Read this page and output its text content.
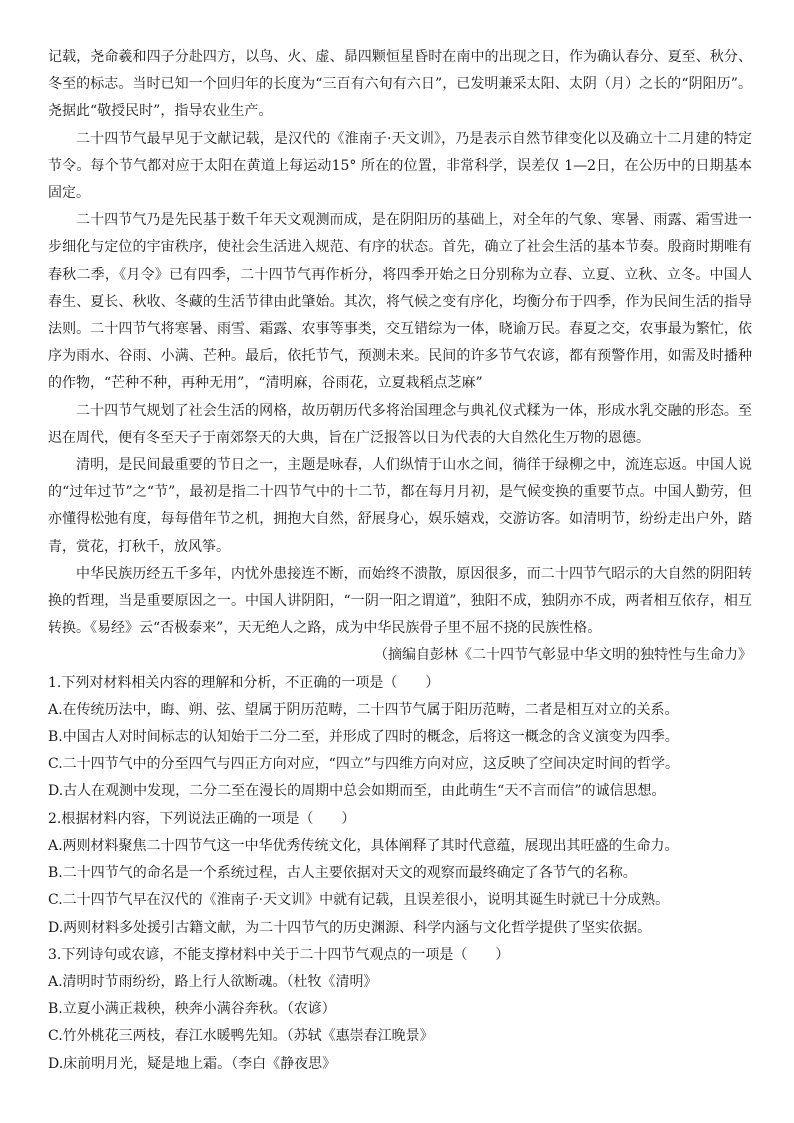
记载，尧命羲和四子分赴四方，以鸟、火、虚、昴四颗恒星昏时在南中的出现之日，作为确认春分、夏至、秋分、冬至的标志。当时已知一个回归年的长度为“三百有六旬有六日”，已发明兼采太阳、太阴（月）之长的“阴阳历”。尧据此“敬授民时”，指导农业生产。

二十四节气最早见于文献记载，是汉代的《淮南子·天文训》，乃是表示自然节律变化以及确立十二月建的特定节令。每个节气都对应于太阳在黄道上每运动15° 所在的位置，非常科学，误差仅 1—2日，在公历中的日期基本固定。

二十四节气乃是先民基于数千年天文观测而成，是在阴阳历的基础上，对全年的气象、寒暑、雨露、霜雪进一步细化与定位的宇宙秩序，使社会生活进入规范、有序的状态。首先，确立了社会生活的基本节奏。殷商时期唯有春秋二季，《月令》已有四季，二十四节气再作析分，将四季开始之日分别称为立春、立夏、立秋、立冬。中国人春生、夏长、秋收、冬藏的生活节律由此肇始。其次，将气候之变有序化，均衡分布于四季，作为民间生活的指导法则。二十四节气将寒暑、雨雪、霜露、农事等事类，交互错综为一体，晓谕万民。春夏之交，农事最为繁忙，依序为雨水、谷雨、小满、芒种。最后，依托节气，预测未来。民间的许多节气农谚，都有预警作用，如需及时播种的作物，“芒种不种，再种无用”，“清明麻，谷雨花，立夏栽稻点芝麻”

二十四节气规划了社会生活的网格，故历朝历代多将治国理念与典礼仪式糅为一体，形成水乳交融的形态。至迟在周代，便有冬至天子于南郊祭天的大典，旨在广泛报答以日为代表的大自然化生万物的恩德。

清明，是民间最重要的节日之一，主题是咏春，人们纵情于山水之间，徜徉于绿柳之中，流连忘返。中国人说的“过年过节”之“节”，最初是指二十四节气中的十二节，都在每月月初，是气候变换的重要节点。中国人勤劳，但亦懂得松弛有度，每每借年节之机，拥抱大自然，舒展身心，娱乐嬉戏，交游访客。如清明节，纷纷走出户外，踏青，赏花，打秋千，放风筝。

中华民族历经五千多年，内忧外患接连不断，而始终不溃散，原因很多，而二十四节气昭示的大自然的阴阳转换的哲理，当是重要原因之一。中国人讲阴阳，“一阴一阳之谓道”，独阳不成，独阴亦不成，两者相互依存，相互转换。《易经》云“否极泰来”，天无绝人之路，成为中华民族骨子里不屈不挠的民族性格。

（摘编自彭林《二十四节气彰显中华文明的独特性与生命力》

1.下列对材料相关内容的理解和分析，不正确的一项是（　　）

A.在传统历法中，晦、朔、弦、望属于阴历范畴，二十四节气属于阳历范畴，二者是相互对立的关系。

B.中国古人对时间标志的认知始于二分二至，并形成了四时的概念，后将这一概念的含义演变为四季。

C.二十四节气中的分至四气与四正方向对应，“四立”与四维方向对应，这反映了空间决定时间的哲学。

D.古人在观测中发现，二分二至在漫长的周期中总会如期而至，由此萌生“天不言而信”的诚信思想。

2.根据材料内容，下列说法正确的一项是（　　）

A.两则材料聚焦二十四节气这一中华优秀传统文化，具体阐释了其时代意蕴，展现出其旺盛的生命力。

B.二十四节气的命名是一个系统过程，古人主要依据对天文的观察而最终确定了各节气的名称。

C.二十四节气早在汉代的《淮南子·天文训》中就有记载，且误差很小，说明其诞生时就已十分成熟。

D.两则材料多处援引古籍文献，为二十四节气的历史渊源、科学内涵与文化哲学提供了坚实依据。

3.下列诗句或农谚，不能支撑材料中关于二十四节气观点的一项是（　　）

A.清明时节雨纷纷，路上行人欲断魂。（杜牧《清明》

B.立夏小满正栽秧，秧奔小满谷奔秋。（农谚）

C.竹外桃花三两枝，春江水暖鸭先知。（苏轼《惠崇春江晚景》

D.床前明月光，疑是地上霜。（李白《静夜思》
